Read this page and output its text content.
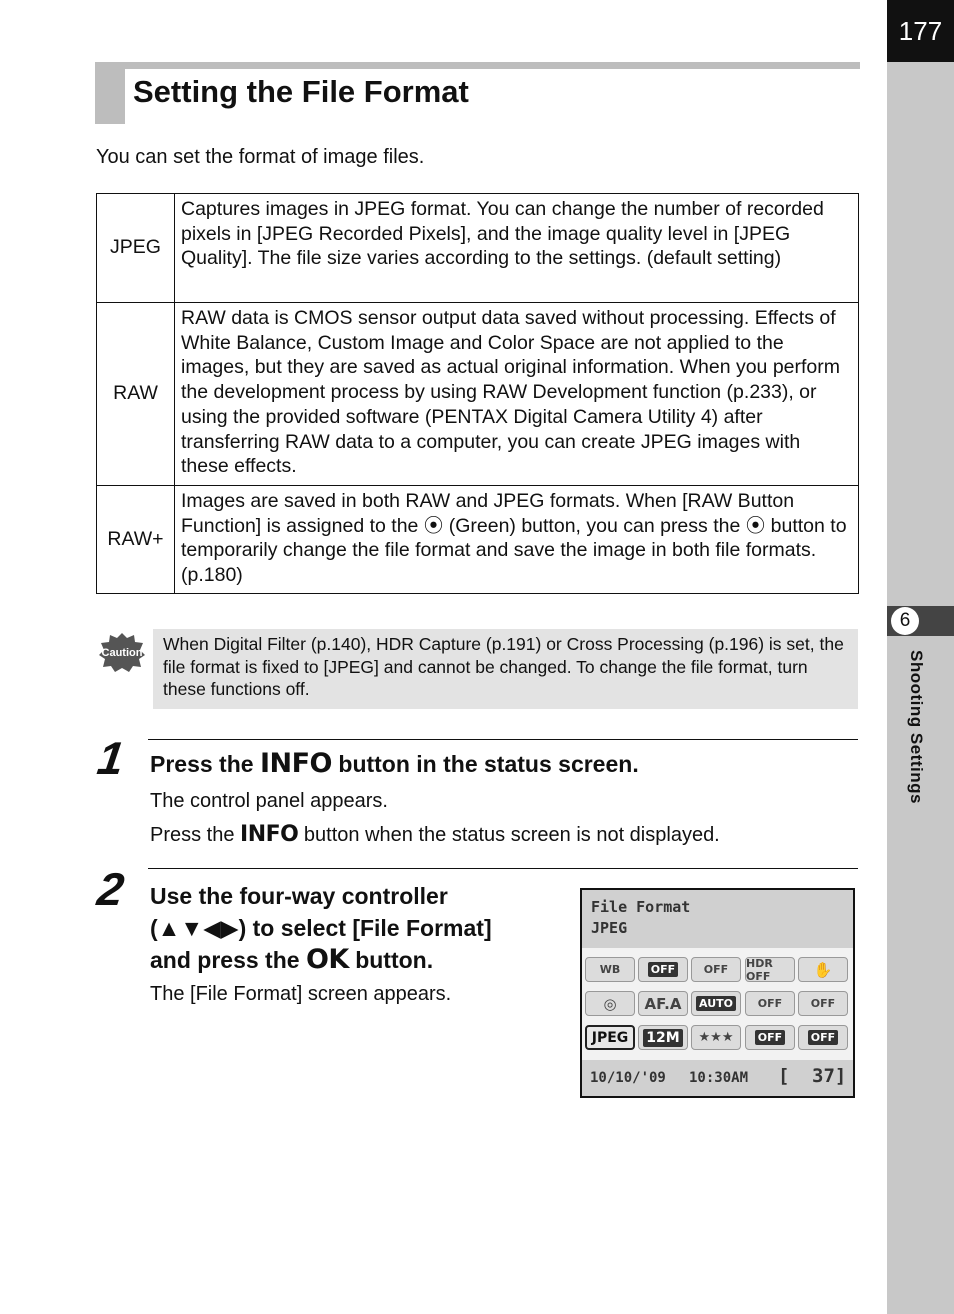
177
6
Shooting Settings
Setting the File Format
You can set the format of image files.
JPEG	Captures images in JPEG format. You can change the number of recorded pixels in [JPEG Recorded Pixels], and the image quality level in [JPEG Quality]. The file size varies according to the settings. (default setting)
RAW	RAW data is CMOS sensor output data saved without processing. Effects of White Balance, Custom Image and Color Space are not applied to the images, but they are saved as actual original information. When you perform the development process by using RAW Development function (p.233), or using the provided software (PENTAX Digital Camera Utility 4) after transferring RAW data to a computer, you can create JPEG images with these effects.
RAW+	Images are saved in both RAW and JPEG formats. When [RAW Button Function] is assigned to the ⦿ (Green) button, you can press the ⦿ button to temporarily change the file format and save the image in both file formats. (p.180)
Caution When Digital Filter (p.140), HDR Capture (p.191) or Cross Processing (p.196) is set, the file format is fixed to [JPEG] and cannot be changed. To change the file format, turn these functions off.
1 Press the INFO button in the status screen.
The control panel appears.
Press the INFO button when the status screen is not displayed.
2 Use the four-way controller
(▲▼◀▶) to select [File Format]
and press the OK button.
The [File Format] screen appears.
File Format
JPEG
WB	OFF	OFF	HDR OFF	✋
◎	AF.A	AUTO	OFF	OFF
JPEG	12M	★★★	OFF	OFF
10/10/'09 10:30AM [ 37]
